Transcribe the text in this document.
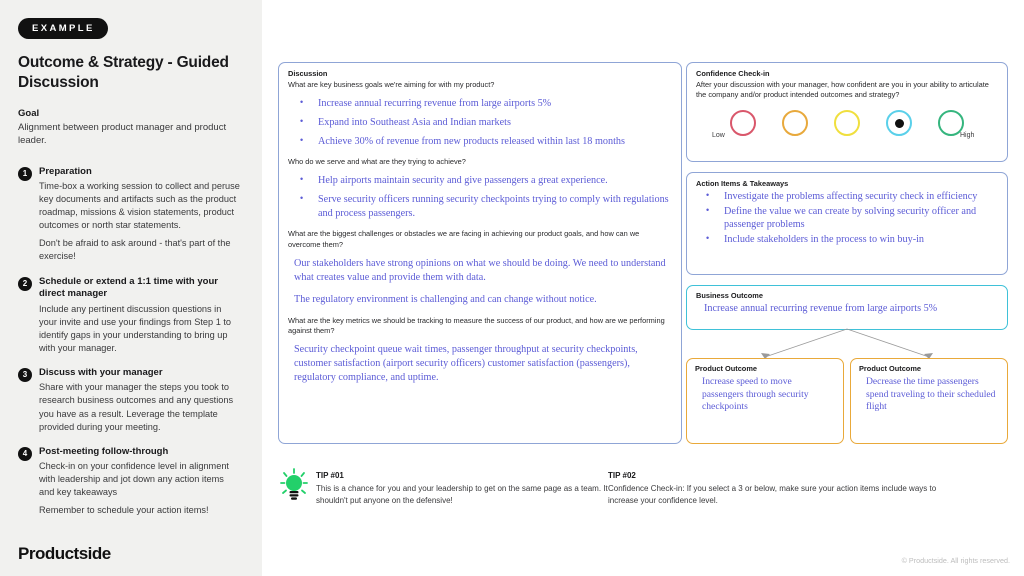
EXAMPLE
Outcome & Strategy - Guided Discussion
Goal
Alignment between product manager and product leader.
1	Preparation
Time-box a working session to collect and peruse key documents and artifacts such as the product roadmap, missions & vision statements, product outcomes or north star statements.
Don't be afraid to ask around - that's part of the exercise!
2	Schedule or extend a 1:1 time with your direct manager
Include any pertinent discussion questions in your invite and use your findings from Step 1 to identify gaps in your understanding to bring up with your manager.
3	Discuss with your manager
Share with your manager the steps you took to research business outcomes and any questions you have as a result. Leverage the template provided during your meeting.
4	Post-meeting follow-through
Check-in on your confidence level in alignment with leadership and jot down any action items and key takeaways
Remember to schedule your action items!
Productside
Discussion
What are key business goals we're aiming for with my product?
• Increase annual recurring revenue from large airports 5%
• Expand into Southeast Asia and Indian markets
• Achieve 30% of revenue from new products released within last 18 months
Who do we serve and what are they trying to achieve?
• Help airports maintain security and give passengers a great experience.
• Serve security officers running security checkpoints trying to comply with regulations and process passengers.
What are the biggest challenges or obstacles we are facing in achieving our product goals, and how can we overcome them?
Our stakeholders have strong opinions on what we should be doing. We need to understand what creates value and provide them with data.
The regulatory environment is challenging and can change without notice.
What are the key metrics we should be tracking to measure the success of our product, and how are we performing against them?
Security checkpoint queue wait times, passenger throughput at security checkpoints, customer satisfaction (airport security officers) customer satisfaction (passengers), regulatory compliance, and uptime.
Confidence Check-in
After your discussion with your manager, how confident are you in your ability to articulate the company and/or product intended outcomes and strategy?
Low	High
Action Items & Takeaways
• Investigate the problems affecting security check in efficiency
• Define the value we can create by solving security officer and passenger problems
• Include stakeholders in the process to win buy-in
Business Outcome
Increase annual recurring revenue from large airports 5%
Product Outcome
Increase speed to move passengers through security checkpoints
Product Outcome
Decrease the time passengers spend traveling to their scheduled flight
TIP #01
This is a chance for you and your leadership to get on the same page as a team. It shouldn't put anyone on the defensive!
TIP #02
Confidence Check-in: If you select a 3 or below, make sure your action items include ways to increase your confidence level.
© Productside. All rights reserved.
